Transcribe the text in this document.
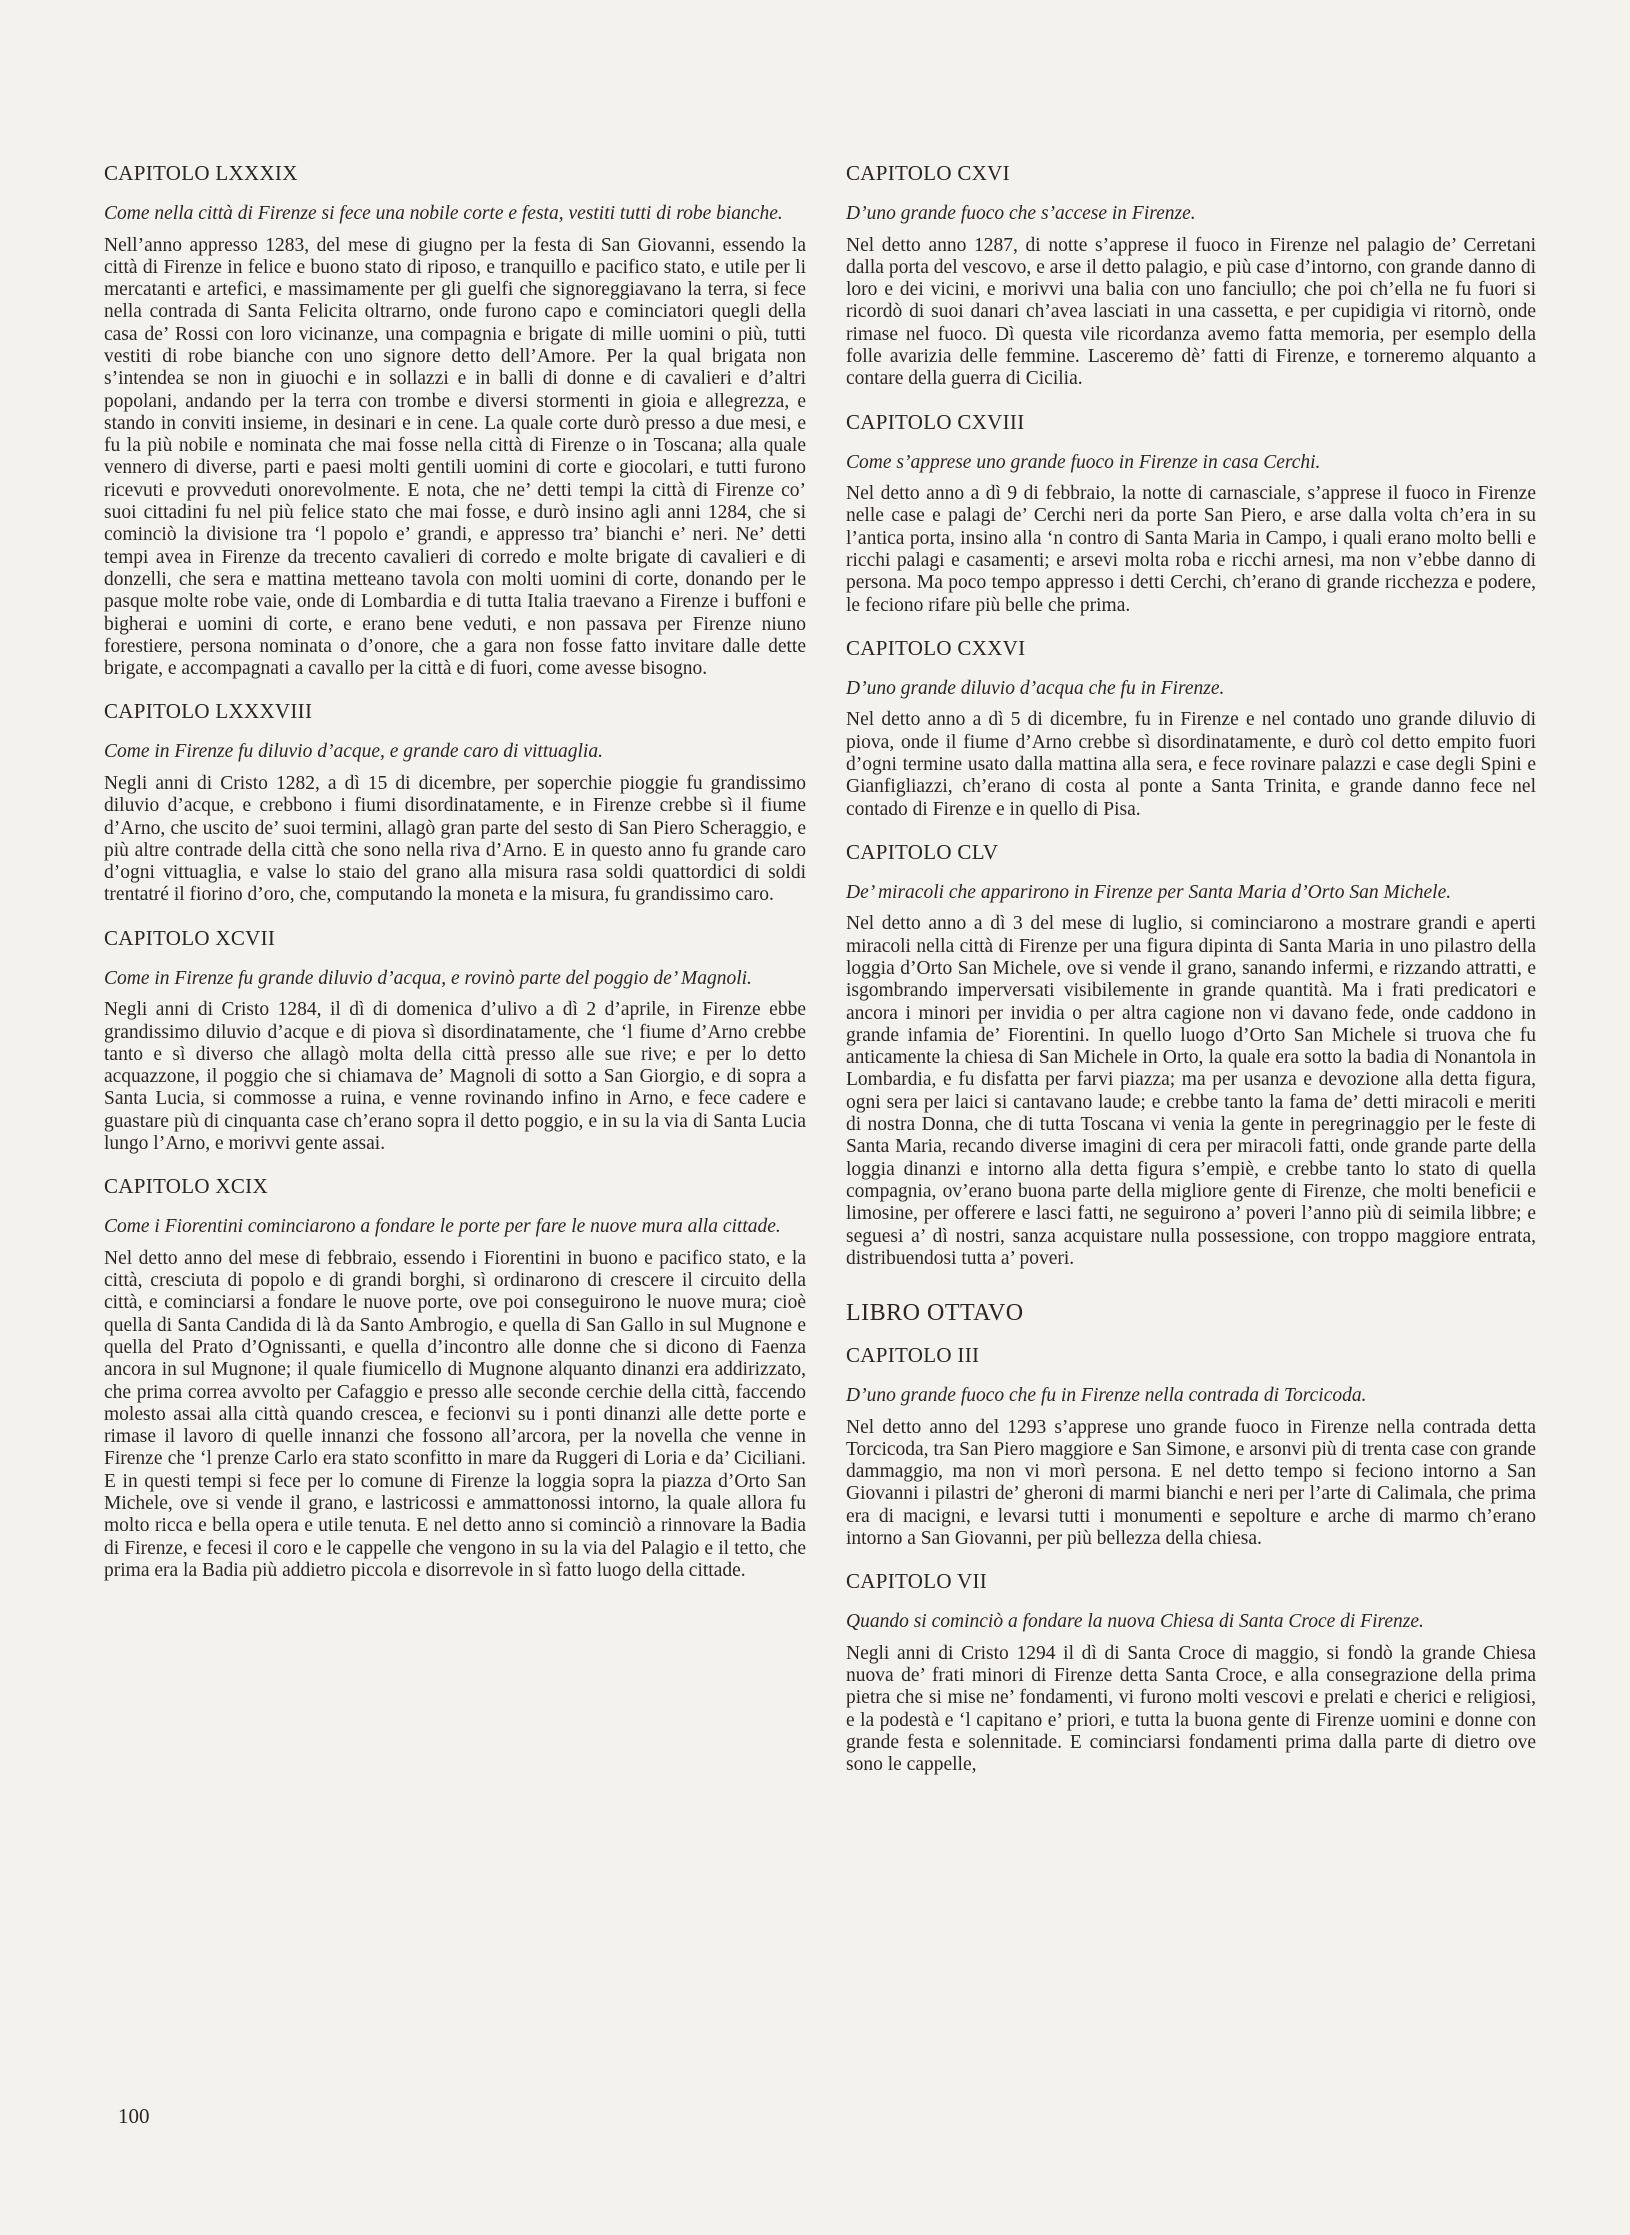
CAPITOLO LXXXIX

Come nella città di Firenze si fece una nobile corte e festa, vestiti tutti di robe bianche.

Nell’anno appresso 1283, del mese di giugno per la festa di San Giovanni, essendo la città di Firenze in felice e buono stato di riposo, e tranquillo e pacifico stato, e utile per li mercatanti e artefici, e massimamente per gli guelfi che signoreggiavano la terra, si fece nella contrada di Santa Felicita oltrarno, onde furono capo e cominciatori quegli della casa de’ Rossi con loro vicinanze, una compagnia e brigate di mille uomini o più, tutti vestiti di robe bianche con uno signore detto dell’Amore. Per la qual brigata non s’intendea se non in giuochi e in sollazzi e in balli di donne e di cavalieri e d’altri popolani, andando per la terra con trombe e diversi stormenti in gioia e allegrezza, e stando in conviti insieme, in desinari e in cene. La quale corte durò presso a due mesi, e fu la più nobile e nominata che mai fosse nella città di Firenze o in Toscana; alla quale vennero di diverse, parti e paesi molti gentili uomini di corte e giocolari, e tutti furono ricevuti e provveduti onorevolmente. E nota, che ne’ detti tempi la città di Firenze co’ suoi cittadini fu nel più felice stato che mai fosse, e durò insino agli anni 1284, che si cominciò la divisione tra ‘l popolo e’ grandi, e appresso tra’ bianchi e’ neri. Ne’ detti tempi avea in Firenze da trecento cavalieri di corredo e molte brigate di cavalieri e di donzelli, che sera e mattina metteano tavola con molti uomini di corte, donando per le pasque molte robe vaie, onde di Lombardia e di tutta Italia traevano a Firenze i buffoni e bigherai e uomini di corte, e erano bene veduti, e non passava per Firenze niuno forestiere, persona nominata o d’onore, che a gara non fosse fatto invitare dalle dette brigate, e accompagnati a cavallo per la città e di fuori, come avesse bisogno.

CAPITOLO LXXXVIII

Come in Firenze fu diluvio d’acque, e grande caro di vittuaglia.

Negli anni di Cristo 1282, a dì 15 di dicembre, per soperchie pioggie fu grandissimo diluvio d’acque, e crebbono i fiumi disordinatamente, e in Firenze crebbe sì il fiume d’Arno, che uscito de’ suoi termini, allagò gran parte del sesto di San Piero Scheraggio, e più altre contrade della città che sono nella riva d’Arno. E in questo anno fu grande caro d’ogni vittuaglia, e valse lo staio del grano alla misura rasa soldi quattordici di soldi trentatré il fiorino d’oro, che, computando la moneta e la misura, fu grandissimo caro.

CAPITOLO XCVII

Come in Firenze fu grande diluvio d’acqua, e rovinò parte del poggio de’ Magnoli.

Negli anni di Cristo 1284, il dì di domenica d’ulivo a dì 2 d’aprile, in Firenze ebbe grandissimo diluvio d’acque e di piova sì disordinatamente, che ‘l fiume d’Arno crebbe tanto e sì diverso che allagò molta della città presso alle sue rive; e per lo detto acquazzone, il poggio che si chiamava de’ Magnoli di sotto a San Giorgio, e di sopra a Santa Lucia, si commosse a ruina, e venne rovinando infino in Arno, e fece cadere e guastare più di cinquanta case ch’erano sopra il detto poggio, e in su la via di Santa Lucia lungo l’Arno, e morivvi gente assai.

CAPITOLO XCIX

Come i Fiorentini cominciarono a fondare le porte per fare le nuove mura alla cittade.

Nel detto anno del mese di febbraio, essendo i Fiorentini in buono e pacifico stato, e la città, cresciuta di popolo e di grandi borghi, sì ordinarono di crescere il circuito della città, e cominciarsi a fondare le nuove porte, ove poi conseguirono le nuove mura; cioè quella di Santa Candida di là da Santo Ambrogio, e quella di San Gallo in sul Mugnone e quella del Prato d’Ognissanti, e quella d’incontro alle donne che si dicono di Faenza ancora in sul Mugnone; il quale fiumicello di Mugnone alquanto dinanzi era addirizzato, che prima correa avvolto per Cafaggio e presso alle seconde cerchie della città, faccendo molesto assai alla città quando crescea, e fecionvi su i ponti dinanzi alle dette porte e rimase il lavoro di quelle innanzi che fossono all’arcora, per la novella che venne in Firenze che ‘l prenze Carlo era stato sconfitto in mare da Ruggeri di Loria e da’ Ciciliani. E in questi tempi si fece per lo comune di Firenze la loggia sopra la piazza d’Orto San Michele, ove si vende il grano, e lastricossi e ammattonossi intorno, la quale allora fu molto ricca e bella opera e utile tenuta. E nel detto anno si cominciò a rinnovare la Badia di Firenze, e fecesi il coro e le cappelle che vengono in su la via del Palagio e il tetto, che prima era la Badia più addietro piccola e disorrevole in sì fatto luogo della cittade.

CAPITOLO CXVI

D’uno grande fuoco che s’accese in Firenze.

Nel detto anno 1287, di notte s’apprese il fuoco in Firenze nel palagio de’ Cerretani dalla porta del vescovo, e arse il detto palagio, e più case d’intorno, con grande danno di loro e dei vicini, e morivvi una balia con uno fanciullo; che poi ch’ella ne fu fuori si ricordò di suoi danari ch’avea lasciati in una cassetta, e per cupidigia vi ritornò, onde rimase nel fuoco. Dì questa vile ricordanza avemo fatta memoria, per esemplo della folle avarizia delle femmine. Lasceremo dè’ fatti di Firenze, e torneremo alquanto a contare della guerra di Cicilia.

CAPITOLO CXVIII

Come s’apprese uno grande fuoco in Firenze in casa Cerchi.

Nel detto anno a dì 9 di febbraio, la notte di carnasciale, s’apprese il fuoco in Firenze nelle case e palagi de’ Cerchi neri da porte San Piero, e arse dalla volta ch’era in su l’antica porta, insino alla ‘n contro di Santa Maria in Campo, i quali erano molto belli e ricchi palagi e casamenti; e arsevi molta roba e ricchi arnesi, ma non v’ebbe danno di persona. Ma poco tempo appresso i detti Cerchi, ch’erano di grande ricchezza e podere, le feciono rifare più belle che prima.

CAPITOLO CXXVI

D’uno grande diluvio d’acqua che fu in Firenze.

Nel detto anno a dì 5 di dicembre, fu in Firenze e nel contado uno grande diluvio di piova, onde il fiume d’Arno crebbe sì disordinatamente, e durò col detto empito fuori d’ogni termine usato dalla mattina alla sera, e fece rovinare palazzi e case degli Spini e Gianfigliazzi, ch’erano di costa al ponte a Santa Trinita, e grande danno fece nel contado di Firenze e in quello di Pisa.

CAPITOLO CLV

De’ miracoli che apparirono in Firenze per Santa Maria d’Orto San Michele.

Nel detto anno a dì 3 del mese di luglio, si cominciarono a mostrare grandi e aperti miracoli nella città di Firenze per una figura dipinta di Santa Maria in uno pilastro della loggia d’Orto San Michele, ove si vende il grano, sanando infermi, e rizzando attratti, e isgombrando imperversati visibilemente in grande quantità. Ma i frati predicatori e ancora i minori per invidia o per altra cagione non vi davano fede, onde caddono in grande infamia de’ Fiorentini. In quello luogo d’Orto San Michele si truova che fu anticamente la chiesa di San Michele in Orto, la quale era sotto la badia di Nonantola in Lombardia, e fu disfatta per farvi piazza; ma per usanza e devozione alla detta figura, ogni sera per laici si cantavano laude; e crebbe tanto la fama de’ detti miracoli e meriti di nostra Donna, che di tutta Toscana vi venia la gente in peregrinaggio per le feste di Santa Maria, recando diverse imagini di cera per miracoli fatti, onde grande parte della loggia dinanzi e intorno alla detta figura s’empiè, e crebbe tanto lo stato di quella compagnia, ov’erano buona parte della migliore gente di Firenze, che molti beneficii e limosine, per offerere e lasci fatti, ne seguirono a’ poveri l’anno più di seimila libbre; e seguesi a’ dì nostri, sanza acquistare nulla possessione, con troppo maggiore entrata, distribuendosi tutta a’ poveri.

LIBRO OTTAVO
CAPITOLO III

D’uno grande fuoco che fu in Firenze nella contrada di Torcicoda.

Nel detto anno del 1293 s’apprese uno grande fuoco in Firenze nella contrada detta Torcicoda, tra San Piero maggiore e San Simone, e arsonvi più di trenta case con grande dammaggio, ma non vi morì persona. E nel detto tempo si feciono intorno a San Giovanni i pilastri de’ gheroni di marmi bianchi e neri per l’arte di Calimala, che prima era di macigni, e levarsi tutti i monumenti e sepolture e arche di marmo ch’erano intorno a San Giovanni, per più bellezza della chiesa.

CAPITOLO VII

Quando si cominciò a fondare la nuova Chiesa di Santa Croce di Firenze.

Negli anni di Cristo 1294 il dì di Santa Croce di maggio, si fondò la grande Chiesa nuova de’ frati minori di Firenze detta Santa Croce, e alla consegrazione della prima pietra che si mise ne’ fondamenti, vi furono molti vescovi e prelati e cherici e religiosi, e la podestà e ‘l capitano e’ priori, e tutta la buona gente di Firenze uomini e donne con grande festa e solennitade. E cominciarsi fondamenti prima dalla parte di dietro ove sono le cappelle,

100
